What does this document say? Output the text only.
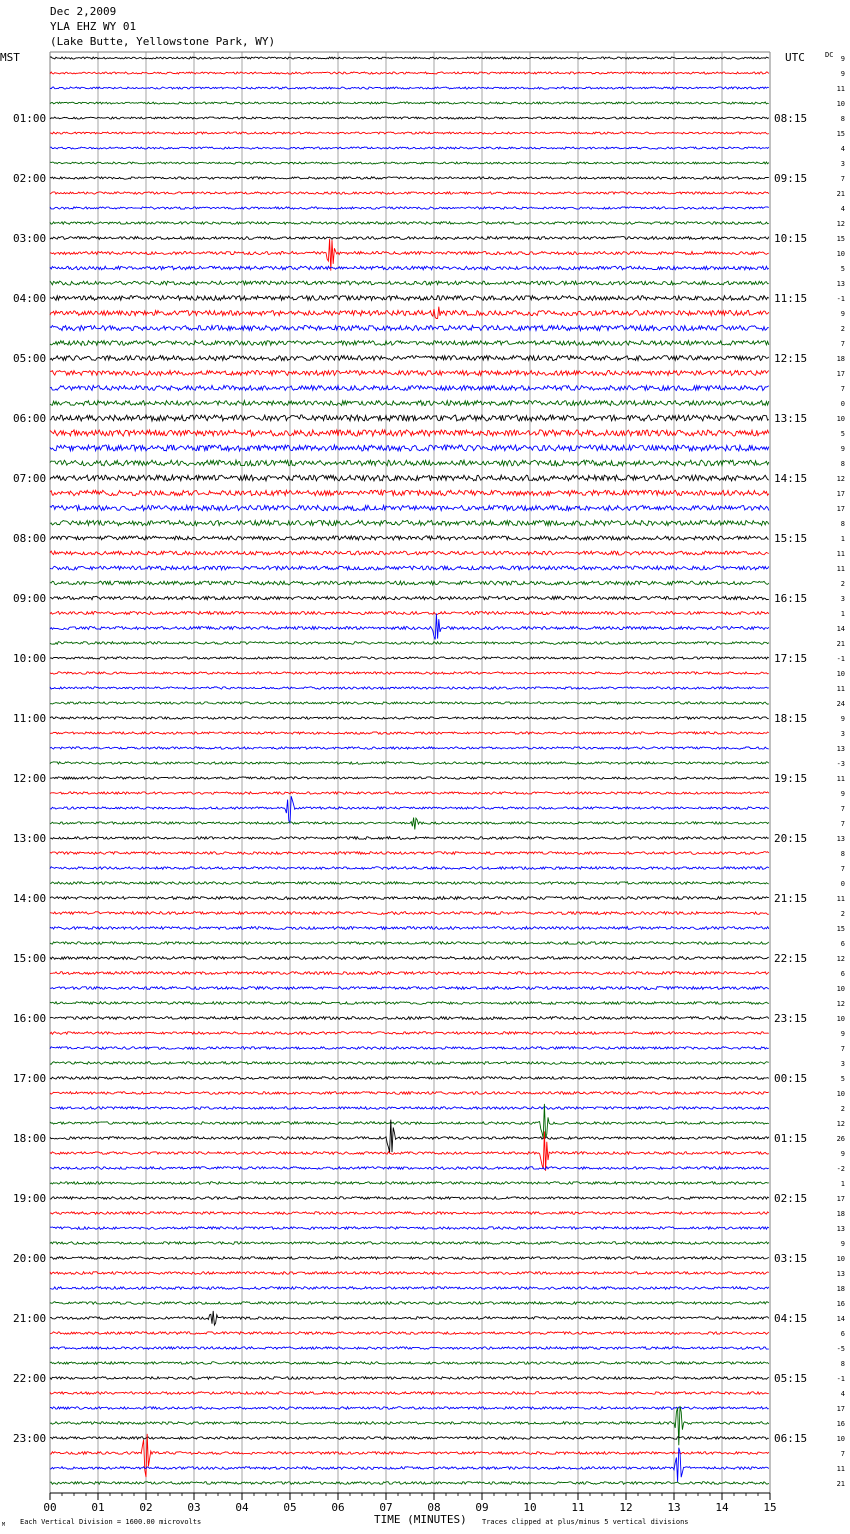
Dec 2,2009
YLA EHZ WY 01
(Lake Butte, Yellowstone Park, WY)
00	01	02	03	04	05	06	07	08	09	10	11	12	13	14	15
01:00
02:00
03:00
04:00
05:00
06:00
07:00
08:00
09:00
10:00
11:00
12:00
13:00
14:00
15:00
16:00
17:00
18:00
19:00
20:00
21:00
22:00
23:00
08:15
09:15
10:15
11:15
12:15
13:15
14:15
15:15
16:15
17:15
18:15
19:15
20:15
21:15
22:15
23:15
00:15
01:15
02:15
03:15
04:15
05:15
06:15
9
9
11
10
8
15
4
3
7
21
4
12
15
10
5
13
-1
9
2
7
18
17
7
0
10
5
9
8
12
17
17
8
1
11
11
2
3
1
14
21
-1
10
11
24
9
3
13
-3
11
9
7
7
13
8
7
0
11
2
15
6
12
6
10
12
10
9
7
3
5
10
2
12
26
9
-2
1
17
18
13
9
10
13
18
16
14
6
-5
8
-1
4
17
16
10
7
11
21
MST	UTC	DC
TIME (MINUTES)
Each Vertical Division = 1600.00 microvolts	Traces clipped at plus/minus 5 vertical divisions
M
